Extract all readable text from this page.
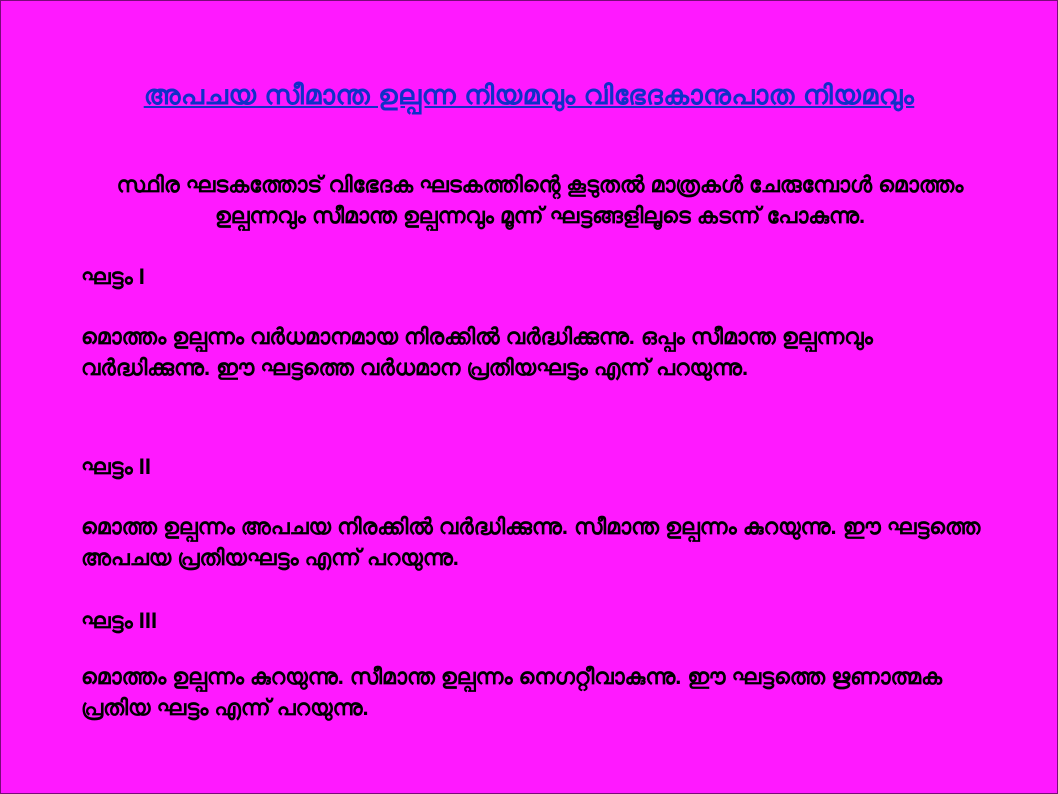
അപചയ സീമാന്ത ഉല്പന്ന നിയമവും വിഭേദകാനുപാത നിയമവും

സ്ഥിര ഘടകത്തോട് വിഭേദക ഘടകത്തിന്റെ കൂടുതൽ മാത്രകൾ ചേരുമ്പോൾ മൊത്തം ഉല്പന്നവും സീമാന്ത ഉല്പന്നവും മൂന്ന് ഘട്ടങ്ങളിലൂടെ കടന്ന് പോകുന്നു.

ഘട്ടം I

മൊത്തം ഉല്പന്നം വർധമാനമായ നിരക്കിൽ വർദ്ധിക്കുന്നു. ഒപ്പം സീമാന്ത ഉല്പന്നവും വർദ്ധിക്കുന്നു. ഈ ഘട്ടത്തെ വർധമാന പ്രതിയഘട്ടം എന്ന് പറയുന്നു.

ഘട്ടം II

മൊത്ത ഉല്പന്നം അപചയ നിരക്കിൽ വർദ്ധിക്കുന്നു. സീമാന്ത ഉല്പന്നം കുറയുന്നു. ഈ ഘട്ടത്തെ അപചയ പ്രതിയഘട്ടം എന്ന് പറയുന്നു.

ഘട്ടം III

മൊത്തം ഉല്പന്നം കുറയുന്നു. സീമാന്ത ഉല്പന്നം നെഗറ്റീവാകുന്നു. ഈ ഘട്ടത്തെ ഋണാത്മക പ്രതിയ ഘട്ടം എന്ന് പറയുന്നു.
